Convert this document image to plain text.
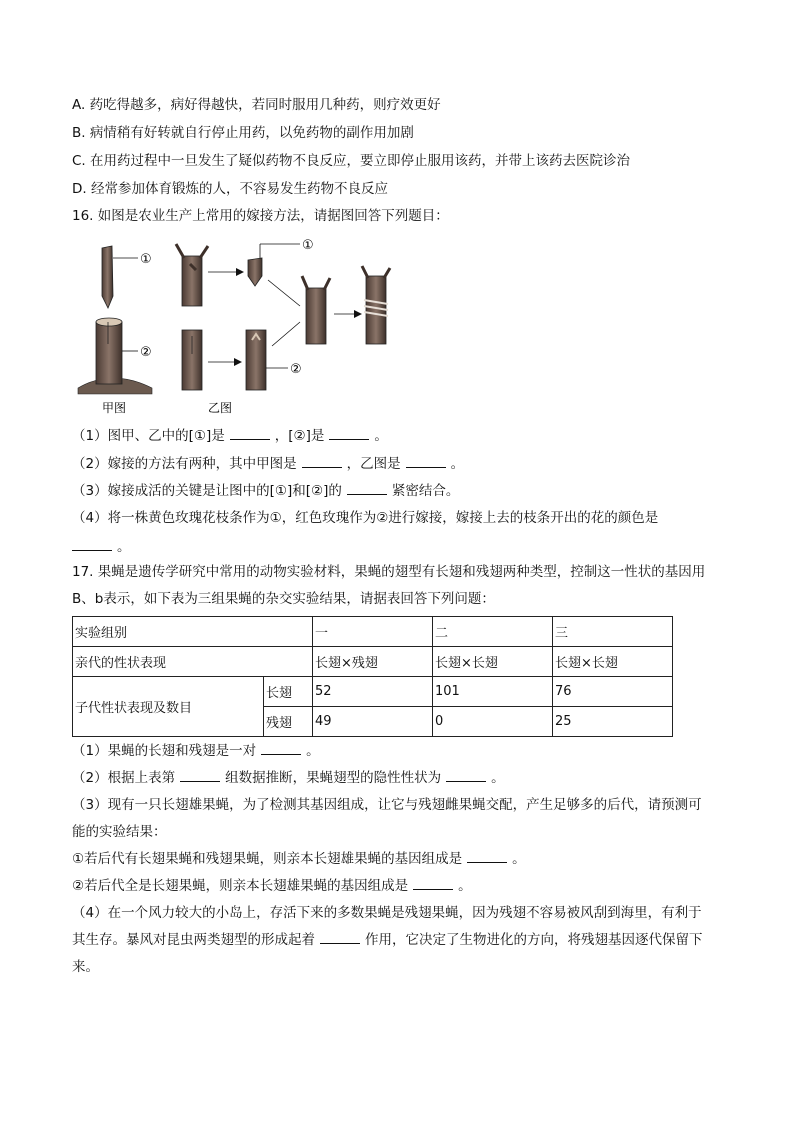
A. 药吃得越多，病好得越快，若同时服用几种药，则疗效更好
B. 病情稍有好转就自行停止用药，以免药物的副作用加剧
C. 在用药过程中一旦发生了疑似药物不良反应，要立即停止服用该药，并带上该药去医院诊治
D. 经常参加体育锻炼的人，不容易发生药物不良反应
16. 如图是农业生产上常用的嫁接方法，请据图回答下列题目：
①
②
甲图
①
②
乙图
（1）图甲、乙中的[①]是	，[②]是	。
（2）嫁接的方法有两种，其中甲图是	，乙图是	。
（3）嫁接成活的关键是让图中的[①]和[②]的	紧密结合。
（4）将一株黄色玫瑰花枝条作为①，红色玫瑰作为②进行嫁接，嫁接上去的枝条开出的花的颜色是
。
17. 果蝇是遗传学研究中常用的动物实验材料，果蝇的翅型有长翅和残翅两种类型，控制这一性状的基因用
B、b表示，如下表为三组果蝇的杂交实验结果，请据表回答下列问题：
实验组别		一	二	三
亲代的性状表现		长翅×残翅	长翅×长翅	长翅×长翅
子代性状表现及数目	长翅	52	101	76
	残翅	49	0	25
（1）果蝇的长翅和残翅是一对	。
（2）根据上表第	组数据推断，果蝇翅型的隐性性状为	。
（3）现有一只长翅雄果蝇，为了检测其基因组成，让它与残翅雌果蝇交配，产生足够多的后代，请预测可
能的实验结果：
①若后代有长翅果蝇和残翅果蝇，则亲本长翅雄果蝇的基因组成是	。
②若后代全是长翅果蝇，则亲本长翅雄果蝇的基因组成是	。
（4）在一个风力较大的小岛上，存活下来的多数果蝇是残翅果蝇，因为残翅不容易被风刮到海里，有利于
其生存。暴风对昆虫两类翅型的形成起着	作用，它决定了生物进化的方向，将残翅基因逐代保留下
来。
